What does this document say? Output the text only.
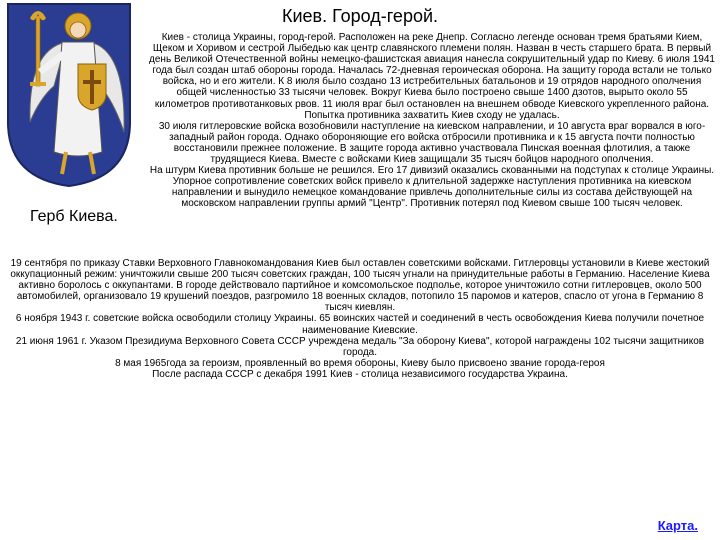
Киев. Город-герой.
Герб Киева.

Киев - столица Украины, город-герой. Расположен на реке Днепр. Согласно легенде основан тремя братьями Кием, Щеком и Хоривом и сестрой Лыбедью как центр славянского племени полян. Назван в честь старшего брата. В первый день Великой Отечественной войны немецко-фашистская авиация нанесла сокрушительный удар по Киеву. 6 июля 1941 года был создан штаб обороны города. Началась 72-дневная героическая оборона. На защиту города встали не только войска, но и его жители. К 8 июля было создано 13 истребительных батальонов и 19 отрядов народного ополчения общей численностью 33 тысячи человек. Вокруг Киева было построено свыше 1400 дзотов, вырыто около 55 километров противотанковых рвов. 11 июля враг был остановлен на внешнем обводе Киевского укрепленного района. Попытка противника захватить Киев сходу не удалась.

30 июля гитлеровские войска возобновили наступление на киевском направлении, и 10 августа враг ворвался в юго-западный район города. Однако обороняющие его войска отбросили противника и к 15 августа почти полностью восстановили прежнее положение. В защите города активно участвовала Пинская военная флотилия, а также трудящиеся Киева. Вместе с войсками Киев защищали 35 тысяч бойцов народного ополчения.

На штурм Киева противник больше не решился. Его 17 дивизий оказались скованными на подступах к столице Украины. Упорное сопротивление советских войск привело к длительной задержке наступления противника на киевском направлении и вынудило немецкое командование привлечь дополнительные силы из состава действующей на московском направлении группы армий "Центр". Противник потерял под Киевом свыше 100 тысяч человек.

19 сентября по приказу Ставки Верховного Главнокомандования Киев был оставлен советскими войсками. Гитлеровцы установили в Киеве жестокий оккупационный режим: уничтожили свыше 200 тысяч советских граждан, 100 тысяч угнали на принудительные работы в Германию. Население Киева активно боролось с оккупантами. В городе действовало партийное и комсомольское подполье, которое уничтожило сотни гитлеровцев, около 500 автомобилей, организовало 19 крушений поездов, разгромило 18 военных складов, потопило 15 паромов и катеров, спасло от угона в Германию 8 тысяч киевлян.

6 ноября 1943 г. советские войска освободили столицу Украины. 65 воинских частей и соединений в честь освобождения Киева получили почетное наименование Киевские.

21 июня 1961 г. Указом Президиума Верховного Совета СССР учреждена медаль "За оборону Киева", которой награждены 102 тысячи защитников города.

8 мая 1965года за героизм, проявленный во время обороны, Киеву было присвоено звание города-героя

После распада СССР с декабря 1991 Киев - столица независимого государства Украина.

Карта.
